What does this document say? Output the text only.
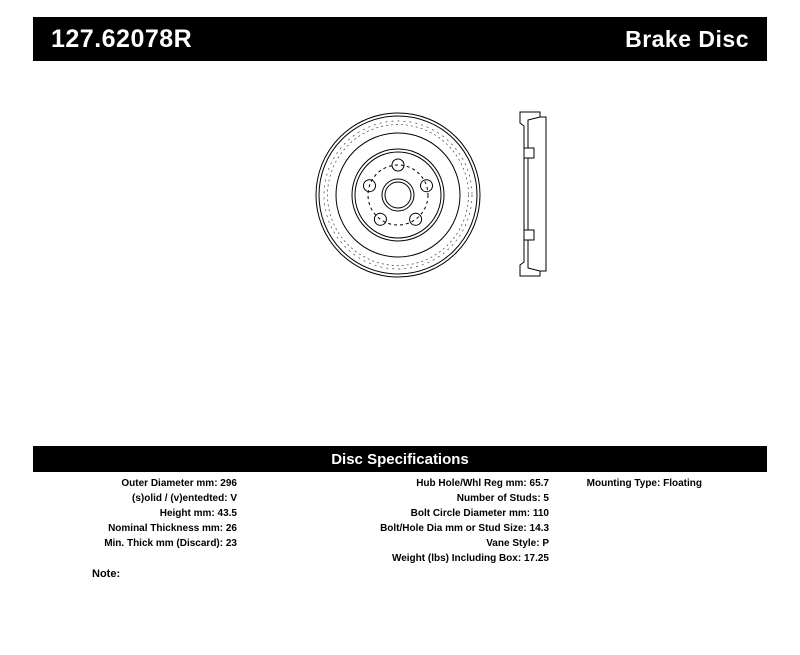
127.62078R	Brake Disc
Disc Specifications
Outer Diameter mm: 296
(s)olid / (v)entedted: V
Height mm: 43.5
Nominal Thickness mm: 26
Min. Thick mm (Discard): 23
Hub Hole/Whl Reg mm: 65.7
Number of Studs: 5
Bolt Circle Diameter mm: 110
Bolt/Hole Dia mm or Stud Size: 14.3
Vane Style: P
Weight (lbs) Including Box: 17.25
Mounting Type: Floating
Note:
